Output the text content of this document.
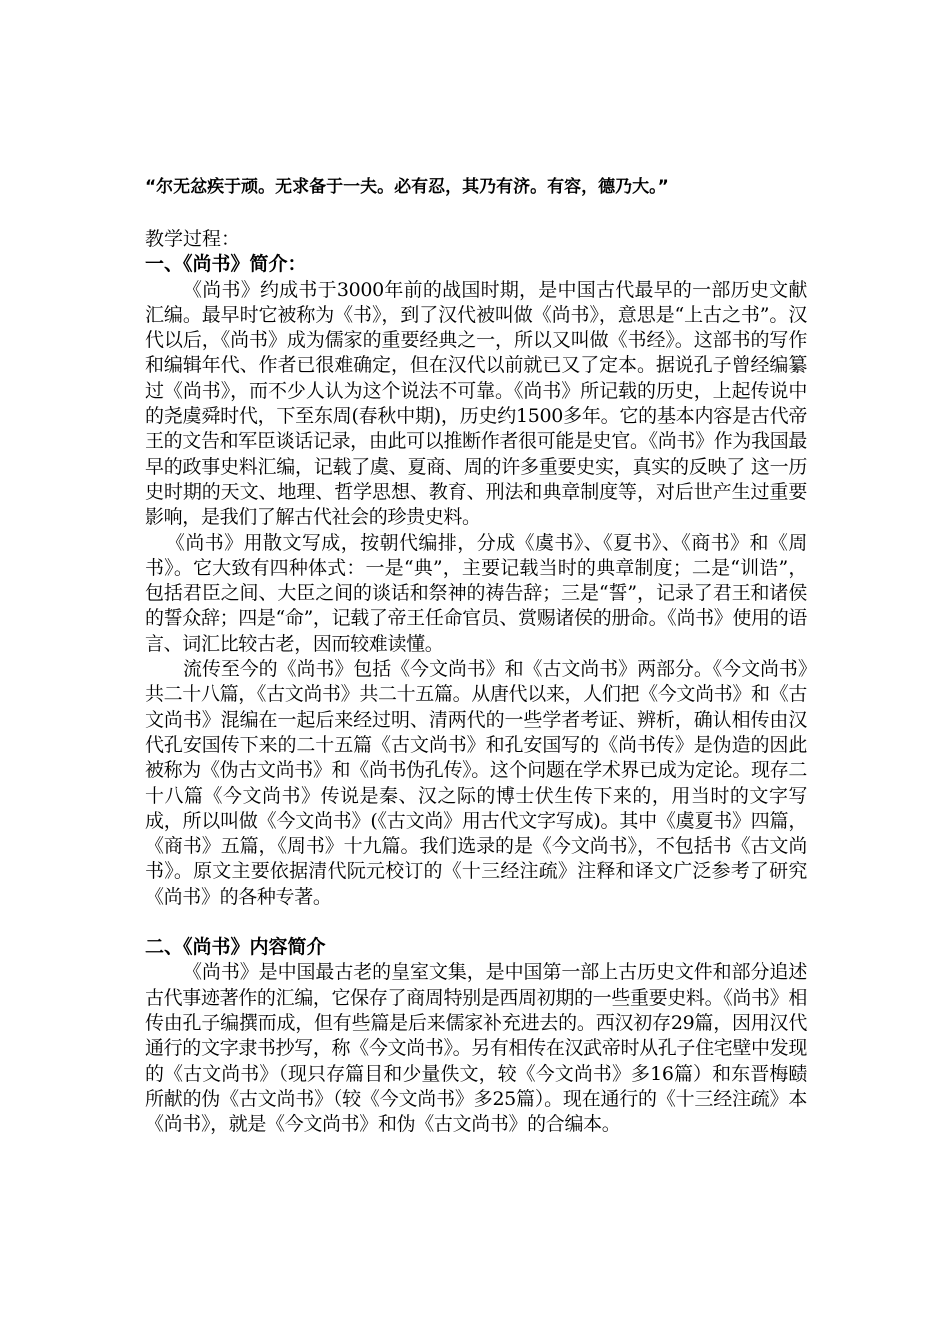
“尔无忿疾于顽。无求备于一夫。必有忍，其乃有济。有容，德乃大。”

教学过程：

一、《尚书》简介：

《尚书》约成书于3000年前的战国时期，是中国古代最早的一部历史文献汇编。最早时它被称为《书》，到了汉代被叫做《尚书》，意思是“上古之书”。汉代以后，《尚书》成为儒家的重要经典之一，所以又叫做《书经》。这部书的写作和编辑年代、作者已很难确定，但在汉代以前就已又了定本。据说孔子曾经编纂过《尚书》，而不少人认为这个说法不可靠。《尚书》所记载的历史，上起传说中的尧虞舜时代，下至东周(春秋中期)，历史约1500多年。它的基本内容是古代帝王的文告和军臣谈话记录，由此可以推断作者很可能是史官。《尚书》作为我国最早的政事史料汇编，记载了虞、夏商、周的许多重要史实，真实的反映了 这一历史时期的天文、地理、哲学思想、教育、刑法和典章制度等，对后世产生过重要影响，是我们了解古代社会的珍贵史料。

《尚书》用散文写成，按朝代编排，分成《虞书》、《夏书》、《商书》和《周书》。它大致有四种体式：一是“典”，主要记载当时的典章制度；二是“训诰”，包括君臣之间、大臣之间的谈话和祭神的祷告辞；三是“誓”，记录了君王和诸侯的誓众辞；四是“命”，记载了帝王任命官员、赏赐诸侯的册命。《尚书》使用的语言、词汇比较古老，因而较难读懂。

流传至今的《尚书》包括《今文尚书》和《古文尚书》两部分。《今文尚书》共二十八篇，《古文尚书》共二十五篇。从唐代以来，人们把《今文尚书》和《古文尚书》混编在一起后来经过明、清两代的一些学者考证、辨析，确认相传由汉代孔安国传下来的二十五篇《古文尚书》和孔安国写的《尚书传》是伪造的因此被称为《伪古文尚书》和《尚书伪孔传》。这个问题在学术界已成为定论。现存二十八篇《今文尚书》传说是秦、汉之际的博士伏生传下来的，用当时的文字写成，所以叫做《今文尚书》(《古文尚》用古代文字写成)。其中《虞夏书》四篇，《商书》五篇，《周书》十九篇。我们选录的是《今文尚书》，不包括书《古文尚书》。原文主要依据清代阮元校订的《十三经注疏》注释和译文广泛参考了研究《尚书》的各种专著。

二、《尚书》内容简介

《尚书》是中国最古老的皇室文集，是中国第一部上古历史文件和部分追述古代事迹著作的汇编，它保存了商周特别是西周初期的一些重要史料。《尚书》相传由孔子编撰而成，但有些篇是后来儒家补充进去的。西汉初存29篇，因用汉代通行的文字隶书抄写，称《今文尚书》。另有相传在汉武帝时从孔子住宅壁中发现的《古文尚书》（现只存篇目和少量佚文，较《今文尚书》多16篇）和东晋梅赜所献的伪《古文尚书》（较《今文尚书》多25篇）。现在通行的《十三经注疏》本《尚书》，就是《今文尚书》和伪《古文尚书》的合编本。
